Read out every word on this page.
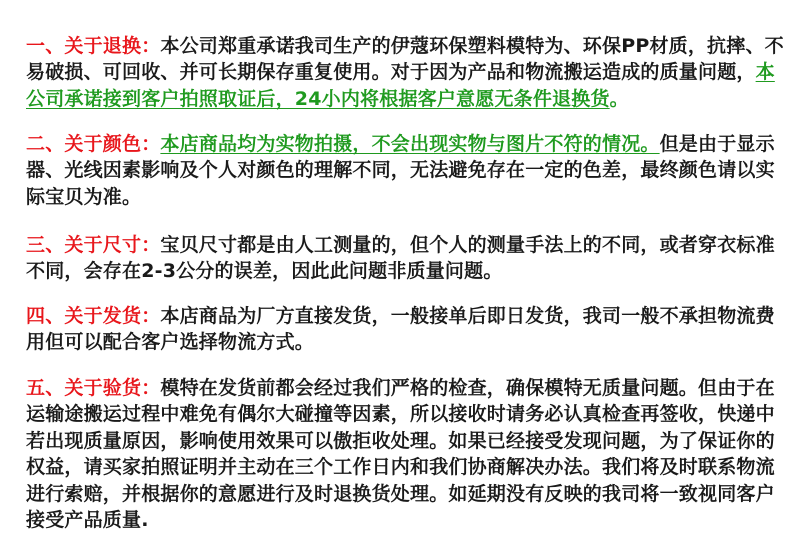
一、关于退换：本公司郑重承诺我司生产的伊蔻环保塑料模特为、环保PP材质，抗摔、不易破损、可回收、并可长期保存重复使用。对于因为产品和物流搬运造成的质量问题，本公司承诺接到客户拍照取证后，24小内将根据客户意愿无条件退换货。

二、关于颜色：本店商品均为实物拍摄，不会出现实物与图片不符的情况。但是由于显示器、光线因素影响及个人对颜色的理解不同，无法避免存在一定的色差，最终颜色请以实际宝贝为准。

三、关于尺寸：宝贝尺寸都是由人工测量的，但个人的测量手法上的不同，或者穿衣标准不同，会存在2-3公分的误差，因此此问题非质量问题。

四、关于发货：本店商品为厂方直接发货，一般接单后即日发货，我司一般不承担物流费用但可以配合客户选择物流方式。

五、关于验货：模特在发货前都会经过我们严格的检查，确保模特无质量问题。但由于在运输途搬运过程中难免有偶尔大碰撞等因素，所以接收时请务必认真检查再签收，快递中若出现质量原因，影响使用效果可以傲拒收处理。如果已经接受发现问题，为了保证你的权益，请买家拍照证明并主动在三个工作日内和我们协商解决办法。我们将及时联系物流进行索赔，并根据你的意愿进行及时退换货处理。如延期没有反映的我司将一致视同客户接受产品质量.
